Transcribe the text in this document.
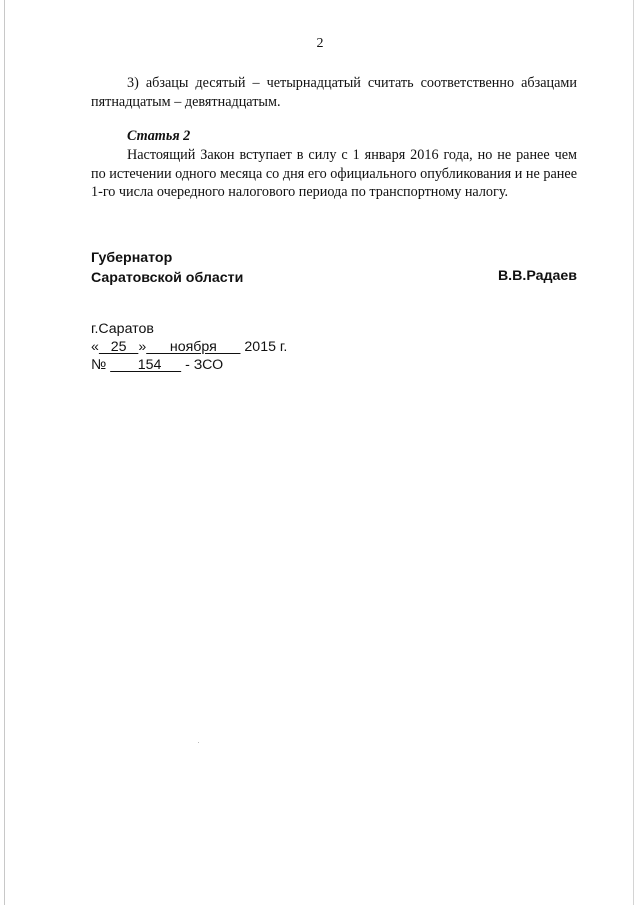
2
3) абзацы десятый – четырнадцатый считать соответственно абзацами пятнадцатым – девятнадцатым.
Статья 2
Настоящий Закон вступает в силу с 1 января 2016 года, но не ранее чем по истечении одного месяца со дня его официального опубликования и не ранее 1-го числа очередного налогового периода по транспортному налогу.
Губернатор
Саратовской области	В.В.Радаев
г.Саратов
«   25   »      ноября       2015 г.
№        154      - ЗСО
